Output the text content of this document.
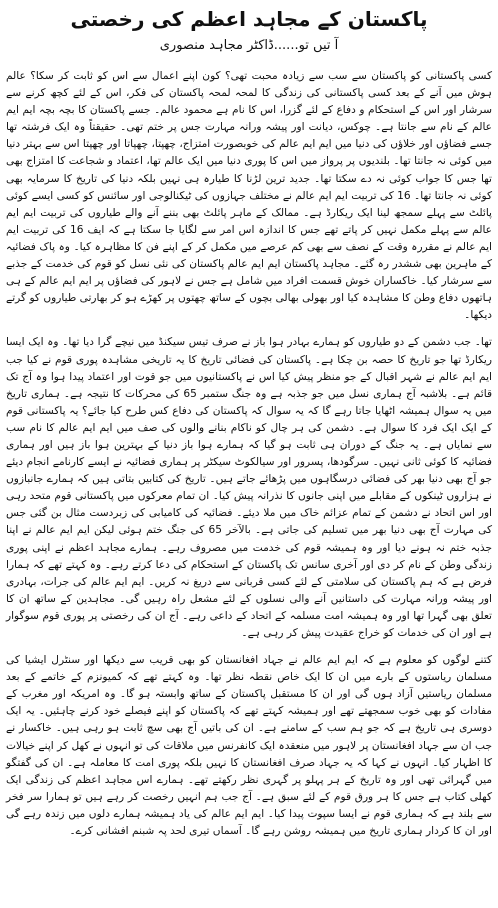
پاکستان کے مجاہد اعظم کی رخصتی
آ تیں تو......ڈاکٹر مجاہد منصوری

کسی پاکستانی کو پاکستان سے سب سے زیادہ محبت تھی؟ کون اپنے اعمال سے اس کو ثابت کر سکا؟ عالم ہوش میں آنے کے بعد کسی پاکستانی کی زندگی کا لمحہ لمحہ پاکستان کی فکر، اس کے لئے کچھ کرنے سے سرشار اور اس کے استحکام و دفاع کے لئے گزرا، اس کا نام ہے محمود عالم۔ جسے پاکستان کا بچہ بچہ ایم ایم عالم کے نام سے جانتا ہے۔ چوکس، دیانت اور پیشہ ورانہ مہارت جس پر ختم تھی۔ حقیقتاً وہ ایک فرشتہ تھا جسے فضاؤں اور خلاؤں کی دنیا میں ایم ایم عالم کی خوبصورت امتزاج، چھپتا، چھپاتا اور چھپتا اس سے بہتر دنیا میں کوئی نہ جانتا تھا۔ بلندیوں پر پرواز میں اس کا پوری دنیا میں ایک عالم تھا، اعتماد و شجاعت کا امتزاج بھی تھا جس کا جواب کوئی نہ دے سکتا تھا۔ جدید ترین لڑنا کا طیارہ ہی نہیں بلکہ دنیا کی تاریخ کا سرمایہ بھی کوئی نہ جانتا تھا۔ 16 کی تربیت ایم ایم عالم نے مختلف جہازوں کی ٹیکنالوجی اور سائنس کو کسی ایسے کوئی پائلٹ سے پہلے سمجھ لینا ایک ریکارڈ ہے۔ ممالک کے ماہر پائلٹ بھی بننے آنے والے طیاروں کی تربیت ایم ایم عالم سے پہلے مکمل نہیں کر پاتے تھے جس کا اندازہ اس امر سے لگایا جا سکتا ہے کہ ایف 16 کی تربیت ایم ایم عالم نے مقررہ وقت کے نصف سے بھی کم عرصے میں مکمل کر کے اپنے فن کا مظاہرہ کیا۔ وہ پاک فضائیہ کے ماہرین بھی ششدر رہ گئے۔ مجاہد پاکستان ایم ایم عالم پاکستان کی نئی نسل کو قوم کی خدمت کے جذبے سے سرشار کیا۔ خاکساران خوش قسمت افراد میں شامل ہے جس نے لاہور کی فضاؤں پر ایم ایم عالم کے ہی ہاتھوں دفاع وطن کا مشاہدہ کیا اور بھولی بھالی بچوں کے ساتھ چھتوں پر کھڑے ہو کر بھارتی طیاروں کو گرتے دیکھا۔

تھا۔ جب دشمن کے دو طیاروں کو ہمارے بہادر ہوا باز نے صرف تیس سیکنڈ میں نیچے گرا دیا تھا۔ وہ ایک ایسا ریکارڈ تھا جو تاریخ کا حصہ بن چکا ہے۔ پاکستان کی فضائی تاریخ کا یہ تاریخی مشاہدہ پوری قوم نے کیا جب ایم ایم عالم نے شہر اقبال کے جو منظر پیش کیا اس نے پاکستانیوں میں جو قوت اور اعتماد پیدا ہوا وہ آج تک قائم ہے۔ بلاشبہ آج ہماری نسل میں جو جذبہ ہے وہ جنگ ستمبر 65 کی محرکات کا نتیجہ ہے۔ ہماری تاریخ میں یہ سوال ہمیشہ اٹھایا جاتا رہے گا کہ یہ سوال کہ پاکستان کی دفاع کس طرح کیا جائے؟ یہ پاکستانی قوم کے ایک ایک فرد کا سوال ہے۔ دشمن کی ہر چال کو ناکام بنانے والوں کی صف میں ایم ایم عالم کا نام سب سے نمایاں ہے۔ یہ جنگ کے دوران ہی ثابت ہو گیا کہ ہمارے ہوا باز دنیا کے بہترین ہوا باز ہیں اور ہماری فضائیہ کا کوئی ثانی نہیں۔ سرگودھا، پسرور اور سیالکوٹ سیکٹر پر ہماری فضائیہ نے ایسے کارنامے انجام دیئے جو آج بھی دنیا بھر کی فضائی درسگاہوں میں پڑھائے جاتے ہیں۔ تاریخ کی کتابیں بتاتی ہیں کہ ہمارے جانبازوں نے ہزاروں ٹینکوں کے مقابلے میں اپنی جانوں کا نذرانہ پیش کیا۔ ان تمام معرکوں میں پاکستانی قوم متحد رہی اور اس اتحاد نے دشمن کے تمام عزائم خاک میں ملا دیئے۔ فضائیہ کی کامیابی کی زبردست مثال بن گئی جس کی مہارت آج بھی دنیا بھر میں تسلیم کی جاتی ہے۔ بالآخر 65 کی جنگ ختم ہوئی لیکن ایم ایم عالم نے اپنا جذبہ ختم نہ ہونے دیا اور وہ ہمیشہ قوم کی خدمت میں مصروف رہے۔ ہمارے مجاہد اعظم نے اپنی پوری زندگی وطن کے نام کر دی اور آخری سانس تک پاکستان کے استحکام کی دعا کرتے رہے۔ وہ کہتے تھے کہ ہمارا فرض ہے کہ ہم پاکستان کی سلامتی کے لئے کسی قربانی سے دریغ نہ کریں۔ ایم ایم عالم کی جرات، بہادری اور پیشہ ورانہ مہارت کی داستانیں آنے والی نسلوں کے لئے مشعل راہ رہیں گی۔ مجاہدین کے ساتھ ان کا تعلق بھی گہرا تھا اور وہ ہمیشہ امت مسلمہ کے اتحاد کے داعی رہے۔ آج ان کی رخصتی پر پوری قوم سوگوار ہے اور ان کی خدمات کو خراج عقیدت پیش کر رہی ہے۔

کتنے لوگوں کو معلوم ہے کہ ایم ایم عالم نے جہاد افغانستان کو بھی قریب سے دیکھا اور سنٹرل ایشیا کی مسلمان ریاستوں کے بارے میں ان کا ایک خاص نقطہ نظر تھا۔ وہ کہتے تھے کہ کمیونزم کے خاتمے کے بعد مسلمان ریاستیں آزاد ہوں گی اور ان کا مستقبل پاکستان کے ساتھ وابستہ ہو گا۔ وہ امریکہ اور مغرب کے مفادات کو بھی خوب سمجھتے تھے اور ہمیشہ کہتے تھے کہ پاکستان کو اپنے فیصلے خود کرنے چاہئیں۔ یہ ایک دوسری ہی تاریخ ہے کہ جو ہم سب کے سامنے ہے۔ ان کی باتیں آج بھی سچ ثابت ہو رہی ہیں۔ خاکسار نے جب ان سے جہاد افغانستان پر لاہور میں منعقدہ ایک کانفرنس میں ملاقات کی تو انہوں نے کھل کر اپنے خیالات کا اظہار کیا۔ انہوں نے کہا کہ یہ جہاد صرف افغانستان کا نہیں بلکہ پوری امت کا معاملہ ہے۔ ان کی گفتگو میں گہرائی تھی اور وہ تاریخ کے ہر پہلو پر گہری نظر رکھتے تھے۔ ہمارے اس مجاہد اعظم کی زندگی ایک کھلی کتاب ہے جس کا ہر ورق قوم کے لئے سبق ہے۔ آج جب ہم انہیں رخصت کر رہے ہیں تو ہمارا سر فخر سے بلند ہے کہ ہماری قوم نے ایسا سپوت پیدا کیا۔ ایم ایم عالم کی یاد ہمیشہ ہمارے دلوں میں زندہ رہے گی اور ان کا کردار ہماری تاریخ میں ہمیشہ روشن رہے گا۔ آسماں تیری لحد پہ شبنم افشانی کرے۔
